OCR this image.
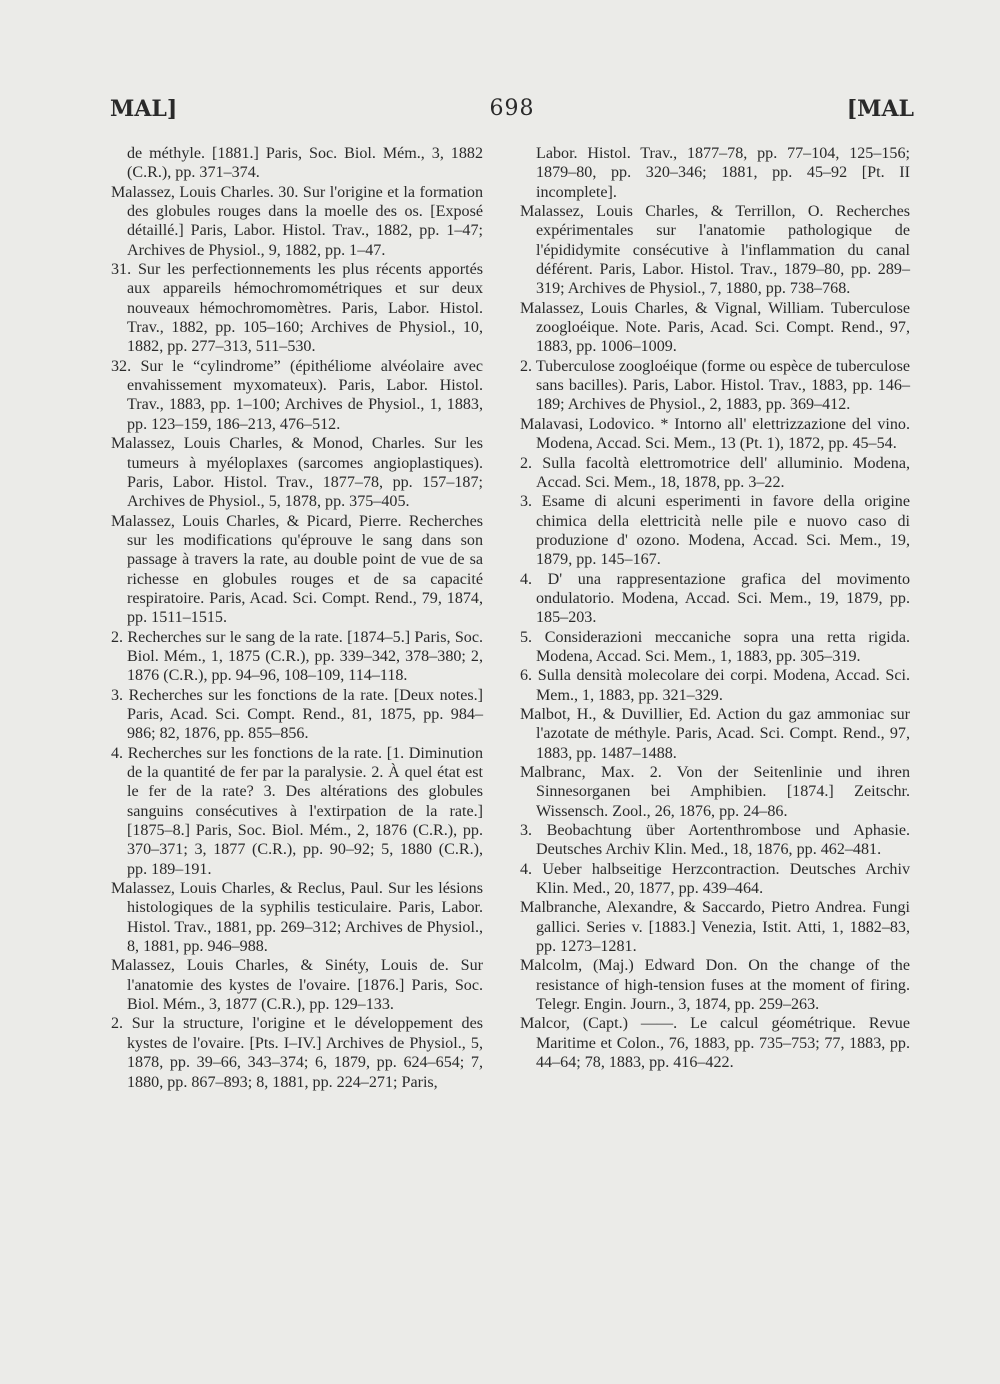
MAL]	698	[MAL

de méthyle. [1881.] Paris, Soc. Biol. Mém., 3, 1882 (C.R.), pp. 371–374.

Malassez, Louis Charles. 30. Sur l'origine et la formation des globules rouges dans la moelle des os. [Exposé détaillé.] Paris, Labor. Histol. Trav., 1882, pp. 1–47; Archives de Physiol., 9, 1882, pp. 1–47.

31. Sur les perfectionnements les plus récents apportés aux appareils hémochromométriques et sur deux nouveaux hémochromomètres. Paris, Labor. Histol. Trav., 1882, pp. 105–160; Archives de Physiol., 10, 1882, pp. 277–313, 511–530.

32. Sur le “cylindrome” (épithéliome alvéolaire avec envahissement myxomateux). Paris, Labor. Histol. Trav., 1883, pp. 1–100; Archives de Physiol., 1, 1883, pp. 123–159, 186–213, 476–512.

Malassez, Louis Charles, & Monod, Charles. Sur les tumeurs à myéloplaxes (sarcomes angioplastiques). Paris, Labor. Histol. Trav., 1877–78, pp. 157–187; Archives de Physiol., 5, 1878, pp. 375–405.

Malassez, Louis Charles, & Picard, Pierre. Recherches sur les modifications qu'éprouve le sang dans son passage à travers la rate, au double point de vue de sa richesse en globules rouges et de sa capacité respiratoire. Paris, Acad. Sci. Compt. Rend., 79, 1874, pp. 1511–1515.

2. Recherches sur le sang de la rate. [1874–5.] Paris, Soc. Biol. Mém., 1, 1875 (C.R.), pp. 339–342, 378–380; 2, 1876 (C.R.), pp. 94–96, 108–109, 114–118.

3. Recherches sur les fonctions de la rate. [Deux notes.] Paris, Acad. Sci. Compt. Rend., 81, 1875, pp. 984–986; 82, 1876, pp. 855–856.

4. Recherches sur les fonctions de la rate. [1. Diminution de la quantité de fer par la paralysie. 2. À quel état est le fer de la rate? 3. Des altérations des globules sanguins consécutives à l'extirpation de la rate.] [1875–8.] Paris, Soc. Biol. Mém., 2, 1876 (C.R.), pp. 370–371; 3, 1877 (C.R.), pp. 90–92; 5, 1880 (C.R.), pp. 189–191.

Malassez, Louis Charles, & Reclus, Paul. Sur les lésions histologiques de la syphilis testiculaire. Paris, Labor. Histol. Trav., 1881, pp. 269–312; Archives de Physiol., 8, 1881, pp. 946–988.

Malassez, Louis Charles, & Sinéty, Louis de. Sur l'anatomie des kystes de l'ovaire. [1876.] Paris, Soc. Biol. Mém., 3, 1877 (C.R.), pp. 129–133.

2. Sur la structure, l'origine et le développement des kystes de l'ovaire. [Pts. I–IV.] Archives de Physiol., 5, 1878, pp. 39–66, 343–374; 6, 1879, pp. 624–654; 7, 1880, pp. 867–893; 8, 1881, pp. 224–271; Paris,

Labor. Histol. Trav., 1877–78, pp. 77–104, 125–156; 1879–80, pp. 320–346; 1881, pp. 45–92 [Pt. II incomplete].

Malassez, Louis Charles, & Terrillon, O. Recherches expérimentales sur l'anatomie pathologique de l'épididymite consécutive à l'inflammation du canal déférent. Paris, Labor. Histol. Trav., 1879–80, pp. 289–319; Archives de Physiol., 7, 1880, pp. 738–768.

Malassez, Louis Charles, & Vignal, William. Tuberculose zoogloéique. Note. Paris, Acad. Sci. Compt. Rend., 97, 1883, pp. 1006–1009.

2. Tuberculose zoogloéique (forme ou espèce de tuberculose sans bacilles). Paris, Labor. Histol. Trav., 1883, pp. 146–189; Archives de Physiol., 2, 1883, pp. 369–412.

Malavasi, Lodovico. * Intorno all' elettrizzazione del vino. Modena, Accad. Sci. Mem., 13 (Pt. 1), 1872, pp. 45–54.

2. Sulla facoltà elettromotrice dell' alluminio. Modena, Accad. Sci. Mem., 18, 1878, pp. 3–22.

3. Esame di alcuni esperimenti in favore della origine chimica della elettricità nelle pile e nuovo caso di produzione d' ozono. Modena, Accad. Sci. Mem., 19, 1879, pp. 145–167.

4. D' una rappresentazione grafica del movimento ondulatorio. Modena, Accad. Sci. Mem., 19, 1879, pp. 185–203.

5. Considerazioni meccaniche sopra una retta rigida. Modena, Accad. Sci. Mem., 1, 1883, pp. 305–319.

6. Sulla densità molecolare dei corpi. Modena, Accad. Sci. Mem., 1, 1883, pp. 321–329.

Malbot, H., & Duvillier, Ed. Action du gaz ammoniac sur l'azotate de méthyle. Paris, Acad. Sci. Compt. Rend., 97, 1883, pp. 1487–1488.

Malbranc, Max. 2. Von der Seitenlinie und ihren Sinnesorganen bei Amphibien. [1874.] Zeitschr. Wissensch. Zool., 26, 1876, pp. 24–86.

3. Beobachtung über Aortenthrombose und Aphasie. Deutsches Archiv Klin. Med., 18, 1876, pp. 462–481.

4. Ueber halbseitige Herzcontraction. Deutsches Archiv Klin. Med., 20, 1877, pp. 439–464.

Malbranche, Alexandre, & Saccardo, Pietro Andrea. Fungi gallici. Series v. [1883.] Venezia, Istit. Atti, 1, 1882–83, pp. 1273–1281.

Malcolm, (Maj.) Edward Don. On the change of the resistance of high-tension fuses at the moment of firing. Telegr. Engin. Journ., 3, 1874, pp. 259–263.

Malcor, (Capt.) ——. Le calcul géométrique. Revue Maritime et Colon., 76, 1883, pp. 735–753; 77, 1883, pp. 44–64; 78, 1883, pp. 416–422.
